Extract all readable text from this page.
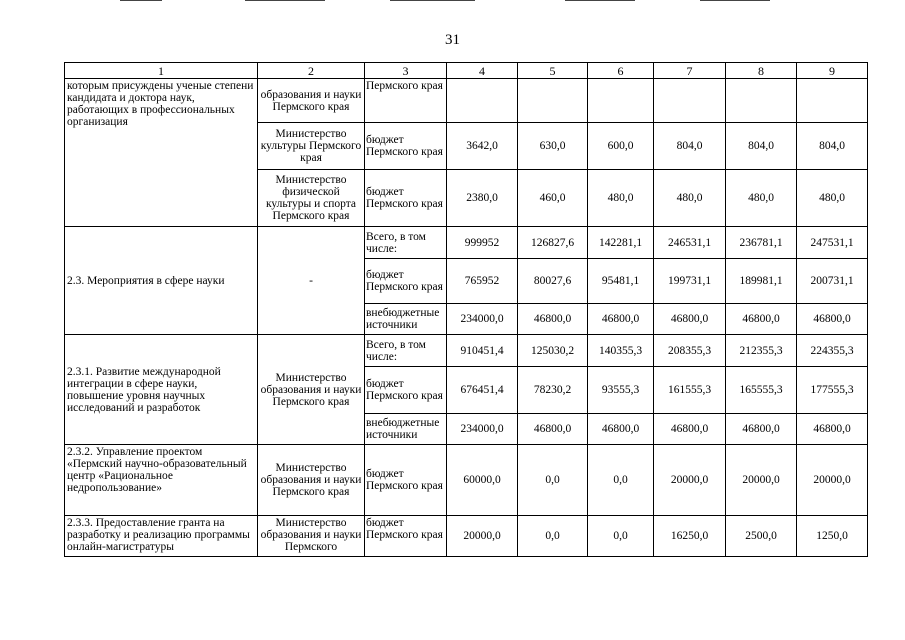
31
1	2	3	4	5	6	7	8	9
которым присуждены ученые степени кандидата и доктора наук, работающих в профессиональных организация	образования и науки Пермского края	Пермского края						
	Министерство культуры Пермского края	бюджет Пермского края	3642,0	630,0	600,0	804,0	804,0	804,0
	Министерство физической культуры и спорта Пермского края	бюджет Пермского края	2380,0	460,0	480,0	480,0	480,0	480,0
2.3. Мероприятия в сфере науки	-	Всего, в том числе:	999952	126827,6	142281,1	246531,1	236781,1	247531,1
		бюджет Пермского края	765952	80027,6	95481,1	199731,1	189981,1	200731,1
		внебюджетные источники	234000,0	46800,0	46800,0	46800,0	46800,0	46800,0
2.3.1. Развитие международной интеграции в сфере науки, повышение уровня научных исследований и разработок	Министерство образования и науки Пермского края	Всего, в том числе:	910451,4	125030,2	140355,3	208355,3	212355,3	224355,3
		бюджет Пермского края	676451,4	78230,2	93555,3	161555,3	165555,3	177555,3
		внебюджетные источники	234000,0	46800,0	46800,0	46800,0	46800,0	46800,0
2.3.2. Управление проектом «Пермский научно-образовательный центр «Рациональное недропользование»	Министерство образования и науки Пермского края	бюджет Пермского края	60000,0	0,0	0,0	20000,0	20000,0	20000,0
2.3.3. Предоставление гранта на разработку и реализацию программы онлайн-магистратуры	Министерство образования и науки Пермского	бюджет Пермского края	20000,0	0,0	0,0	16250,0	2500,0	1250,0
